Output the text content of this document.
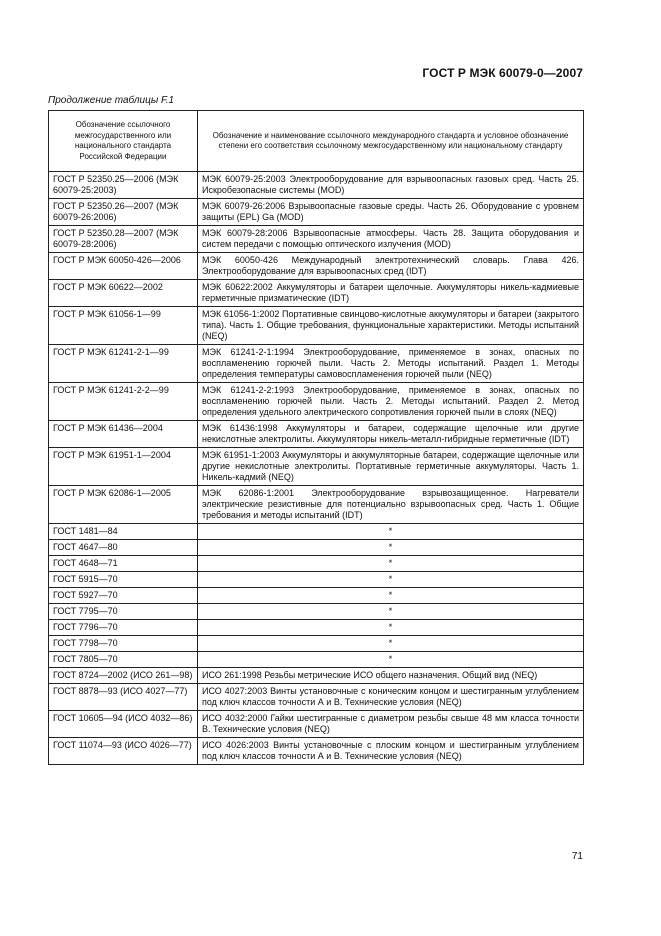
ГОСТ Р МЭК 60079-0—2007
Продолжение таблицы F.1
Обозначение ссылочного межгосударственного или национального стандарта Российской Федерации	Обозначение и наименование ссылочного международного стандарта и условное обозначение степени его соответствия ссылочному межгосударственному или национальному стандарту
ГОСТ Р 52350.25—2006 (МЭК 60079-25:2003)	МЭК 60079-25:2003 Электрооборудование для взрывоопасных газовых сред. Часть 25. Искробезопасные системы (MOD)
ГОСТ Р 52350.26—2007 (МЭК 60079-26:2006)	МЭК 60079-26:2006 Взрывоопасные газовые среды. Часть 26. Оборудование с уровнем защиты (EPL) Ga (MOD)
ГОСТ Р 52350.28—2007 (МЭК 60079-28:2006)	МЭК 60079-28:2006 Взрывоопасные атмосферы. Часть 28. Защита оборудования и систем передачи с помощью оптического излучения (MOD)
ГОСТ Р МЭК 60050-426—2006	МЭК 60050-426 Международный электротехнический словарь. Глава 426. Электрооборудование для взрывоопасных сред (IDT)
ГОСТ Р МЭК 60622—2002	МЭК 60622:2002 Аккумуляторы и батареи щелочные. Аккумуляторы никель-кадмиевые герметичные призматические (IDT)
ГОСТ Р МЭК 61056-1—99	МЭК 61056-1:2002 Портативные свинцово-кислотные аккумуляторы и батареи (закрытого типа). Часть 1. Общие требования, функциональные характеристики. Методы испытаний (NEQ)
ГОСТ Р МЭК 61241-2-1—99	МЭК 61241-2-1:1994 Электрооборудование, применяемое в зонах, опасных по воспламенению горючей пыли. Часть 2. Методы испытаний. Раздел 1. Методы определения температуры самовоспламенения горючей пыли (NEQ)
ГОСТ Р МЭК 61241-2-2—99	МЭК 61241-2-2:1993 Электрооборудование, применяемое в зонах, опасных по воспламенению горючей пыли. Часть 2. Методы испытаний. Раздел 2. Метод определения удельного электрического сопротивления горючей пыли в слоях (NEQ)
ГОСТ Р МЭК 61436—2004	МЭК 61436:1998 Аккумуляторы и батареи, содержащие щелочные или другие некислотные электролиты. Аккумуляторы никель-металл-гибридные герметичные (IDT)
ГОСТ Р МЭК 61951-1—2004	МЭК 61951-1:2003 Аккумуляторы и аккумуляторные батареи, содержащие щелочные или другие некислотные электролиты. Портативные герметичные аккумуляторы. Часть 1. Никель-кадмий (NEQ)
ГОСТ Р МЭК 62086-1—2005	МЭК 62086-1:2001 Электрооборудование взрывозащищенное. Нагреватели электрические резистивные для потенциально взрывоопасных сред. Часть 1. Общие требования и методы испытаний (IDT)
ГОСТ 1481—84	*
ГОСТ 4647—80	*
ГОСТ 4648—71	*
ГОСТ 5915—70	*
ГОСТ 5927—70	*
ГОСТ 7795—70	*
ГОСТ 7796—70	*
ГОСТ 7798—70	*
ГОСТ 7805—70	*
ГОСТ 8724—2002 (ИСО 261—98)	ИСО 261:1998 Резьбы метрические ИСО общего назначения. Общий вид (NEQ)
ГОСТ 8878—93 (ИСО 4027—77)	ИСО 4027:2003 Винты установочные с коническим концом и шестигранным углублением под ключ классов точности А и В. Технические условия (NEQ)
ГОСТ 10605—94 (ИСО 4032—86)	ИСО 4032:2000 Гайки шестигранные с диаметром резьбы свыше 48 мм класса точности В. Технические условия (NEQ)
ГОСТ 11074—93 (ИСО 4026—77)	ИСО 4026:2003 Винты установочные с плоским концом и шестигранным углублением под ключ классов точности А и В. Технические условия (NEQ)
71
